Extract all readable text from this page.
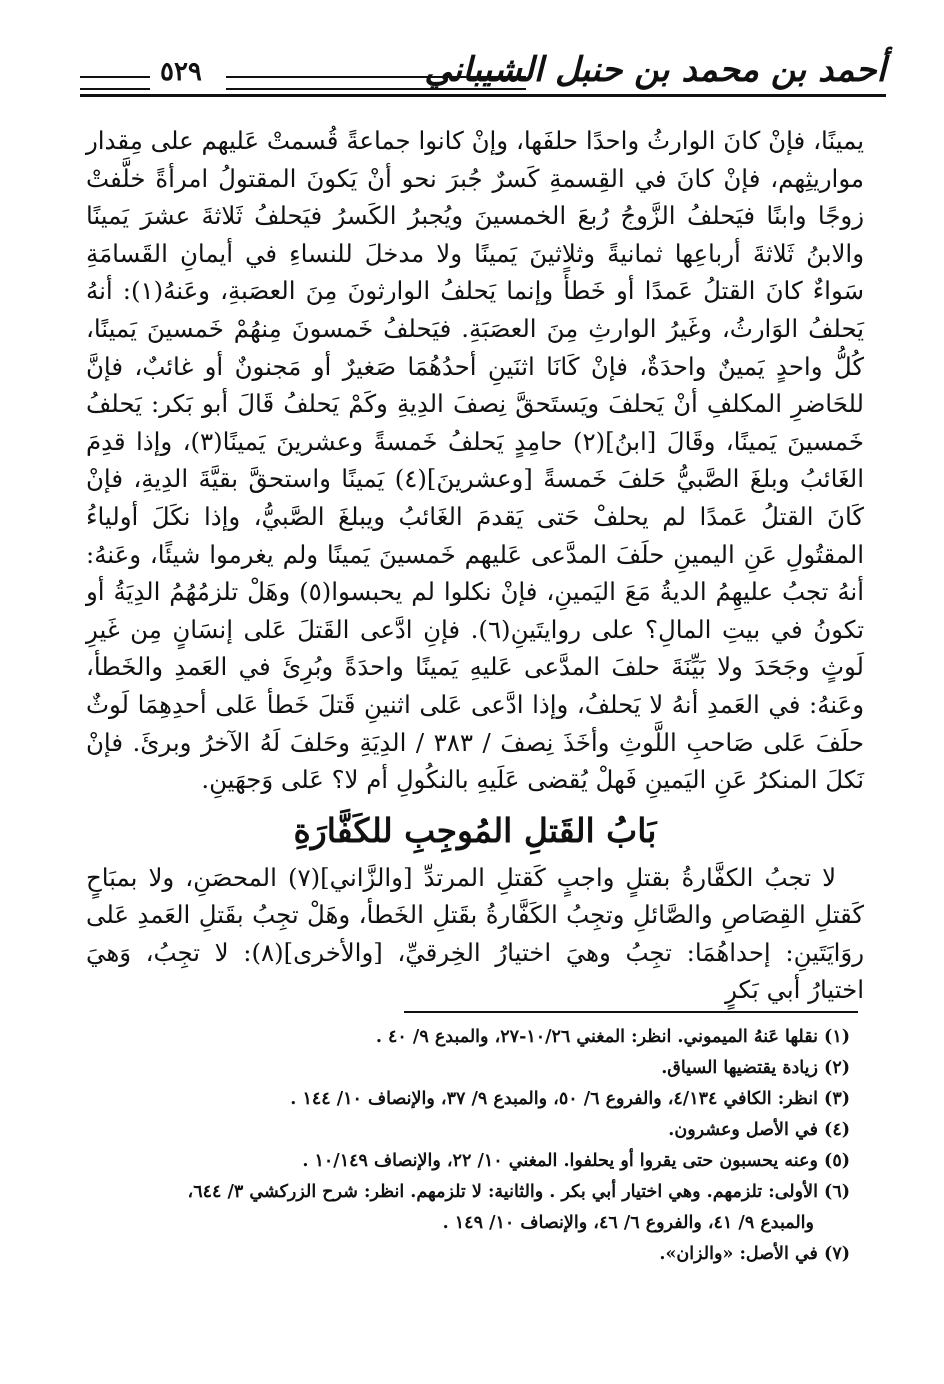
أحمد بن محمد بن حنبل الشيباني
٥٢٩

يمينًا، فإنْ كانَ الوارثُ واحدًا حلفَها، وإنْ كانوا جماعةً قُسمتْ عَليهم على مِقدار مواريثِهم، فإنْ كانَ في القِسمةِ كَسرٌ جُبرَ نحو أنْ يَكونَ المقتولُ امرأةً خلَّفتْ زوجًا وابنًا فيَحلفُ الزَّوجُ رُبعَ الخمسينَ ويُجبرُ الكَسرُ فيَحلفُ ثَلاثةَ عشرَ يَمينًا والابنُ ثَلاثةَ أرباعِها ثمانيةً وثلاثينَ يَمينًا ولا مدخلَ للنساءِ في أيمانِ القَسامَةِ سَواءٌ كانَ القتلُ عَمدًا أو خَطأً وإنما يَحلفُ الوارثونَ مِنَ العصَبةِ، وعَنهُ(١): أنهُ يَحلفُ الوَارثُ، وغَيرُ الوارثِ مِنَ العصَبَةِ. فيَحلفُ خَمسونَ مِنهُمْ خَمسينَ يَمينًا، كُلُّ واحدٍ يَمينٌ واحدَةٌ، فإنْ كَانَا اثنَينِ أحدُهُمَا صَغيرٌ أو مَجنونٌ أو غائبٌ، فإنَّ للحَاضرِ المكلفِ أنْ يَحلفَ ويَستَحقَّ نِصفَ الدِيةِ وكَمْ يَحلفُ قَالَ أبو بَكر: يَحلفُ خَمسينَ يَمينًا، وقَالَ [ابنُ](٢) حامِدٍ يَحلفُ خَمسةً وعشرينَ يَمينًا(٣)، وإذا قدِمَ الغَائبُ وبلغَ الصَّبيُّ حَلفَ خَمسةً [وعشرينَ](٤) يَمينًا واستحقَّ بقيَّةَ الدِيةِ، فإنْ كَانَ القتلُ عَمدًا لم يحلفْ حَتى يَقدمَ الغَائبُ ويبلغَ الصَّبيُّ، وإذا نكَلَ أولياءُ المقتُولِ عَنِ اليمينِ حلَفَ المدَّعى عَليهم خَمسينَ يَمينًا ولم يغرموا شيئًا، وعَنهُ: أنهُ تجبُ عليهِمُ الديةُ مَعَ اليَمينِ، فإنْ نكلوا لم يحبسوا(٥) وهَلْ تلزمُهُمُ الدِيَةُ أو تكونُ في بيتِ المالِ؟ على روايتَينِ(٦). فإنِ ادَّعى القَتلَ عَلى إنسَانٍ مِن غَيرِ لَوثٍ وجَحَدَ ولا بَيِّنَةَ حلفَ المدَّعى عَليهِ يَمينًا واحدَةً وبُرِئَ في العَمدِ والخَطأ، وعَنهُ: في العَمدِ أنهُ لا يَحلفُ، وإذا ادَّعى عَلى اثنينِ قَتلَ خَطأ عَلى أحدِهِمَا لَوثٌ حلَفَ عَلى صَاحبِ اللَّوثِ وأخَذَ نِصفَ / ٣٨٣ / الدِيَةِ وحَلفَ لَهُ الآخرُ وبرئَ. فإنْ نَكلَ المنكرُ عَنِ اليَمينِ فَهلْ يُقضى عَلَيهِ بالنكُولِ أم لا؟ عَلى وَجهَينِ.

بَابُ القَتلِ المُوجِبِ للكَفَّارَةِ

لا تجبُ الكفَّارةُ بقتلٍ واجبٍ كَقتلِ المرتدِّ [والزَّاني](٧) المحصَنِ، ولا بمبَاحٍ كَقتلِ القِصَاصِ والصَّائلِ وتجِبُ الكَفَّارةُ بقَتلِ الخَطأ، وهَلْ تجِبُ بقَتلِ العَمدِ عَلى روَايَتَينِ: إحداهُمَا: تجِبُ وهيَ اختيارُ الخِرقيِّ، [والأخرى](٨): لا تجِبُ، وَهيَ اختيارُ أبي بَكرٍ

(١) نقلها عَنهُ الميموني. انظر: المغني ١٠/٢٦-٢٧، والمبدع ٩/ ٤٠ .

(٢) زيادة يقتضيها السياق.

(٣) انظر: الكافي ٤/١٣٤، والفروع ٦/ ٥٠، والمبدع ٩/ ٣٧، والإنصاف ١٠/ ١٤٤ .

(٤) في الأصل وعشرون.

(٥) وعنه يحسبون حتى يقروا أو يحلفوا. المغني ١٠/ ٢٢، والإنصاف ١٠/١٤٩ .

(٦) الأولى: تلزمهم. وهي اختيار أبي بكر . والثانية: لا تلزمهم. انظر: شرح الزركشي ٣/ ٦٤٤،

والمبدع ٩/ ٤١، والفروع ٦/ ٤٦، والإنصاف ١٠/ ١٤٩ .

(٧) في الأصل: «والزان».
